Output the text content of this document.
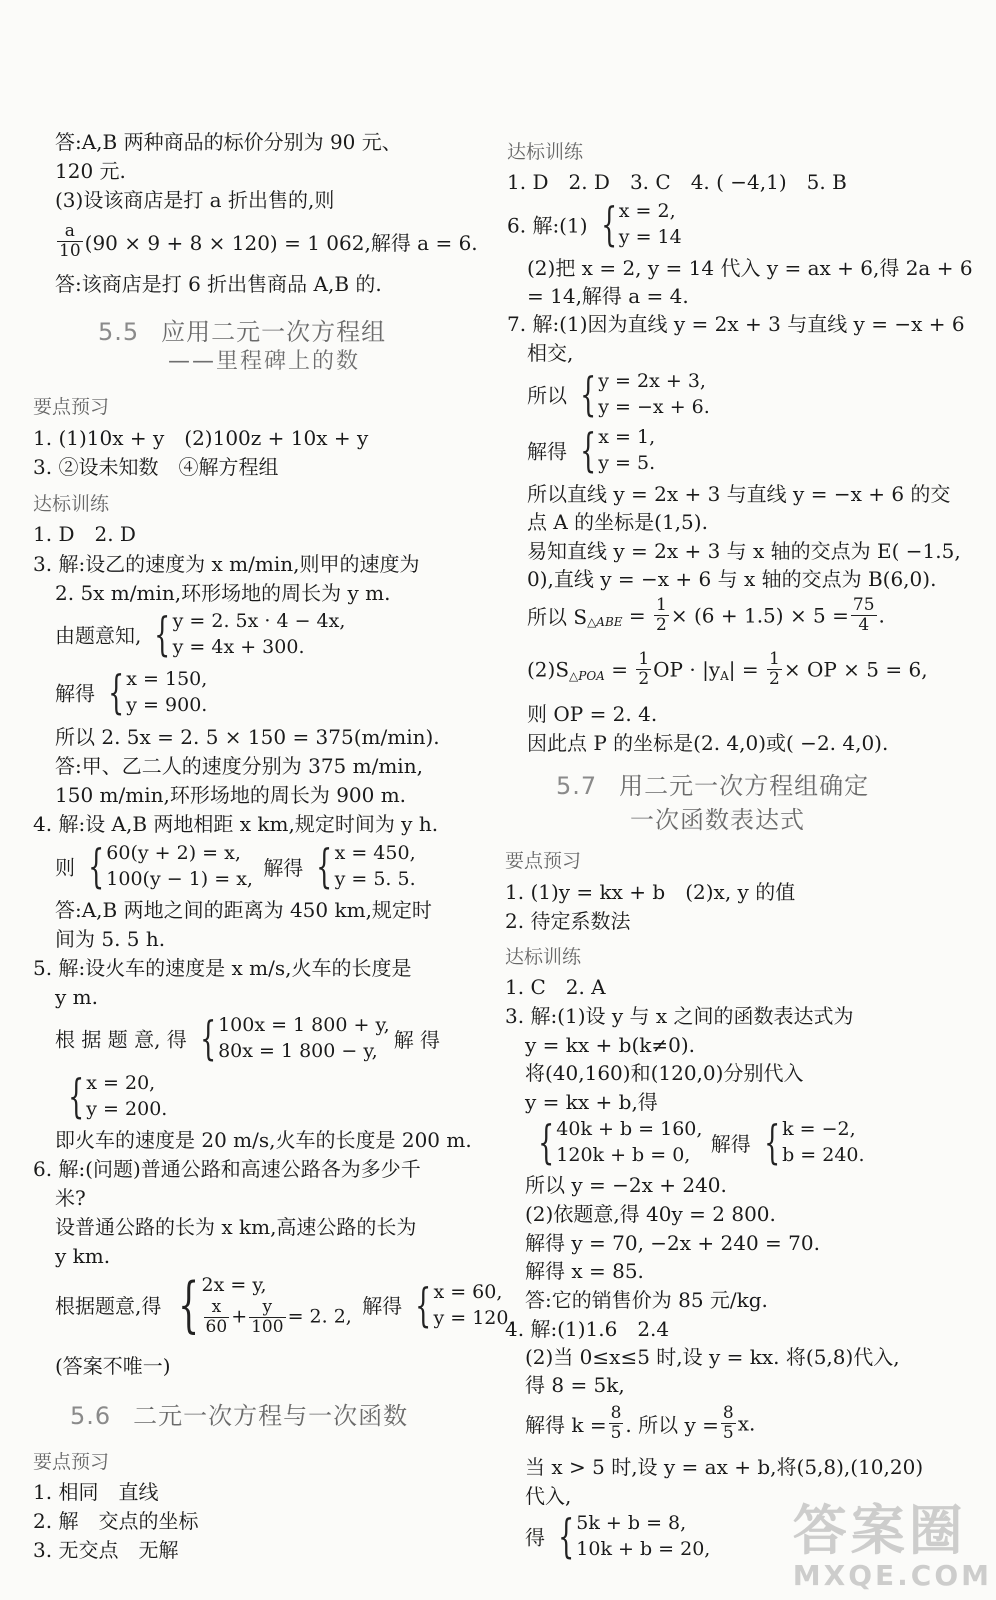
答:A,B 两种商品的标价分别为 90 元、
120 元.
(3)设该商店是打 a 折出售的,则
$\frac{a}{10} (90 \times 9 + 8 \times 120) = 1$ 062,解得 a = 6.
答:该商店是打 6 折出售商品 A,B 的.
5.5 应用二元一次方程组
——里程碑上的数
要点预习
1. (1)10x + y　(2)100z + 10x + y
3. ②设未知数　④解方程组
达标训练
1. D　2. D
3. 解:设乙的速度为 x m/min,则甲的速度为
2. 5x m/min,环形场地的周长为 y m.
由题意知, { y = 2. 5x · 4 − 4x,
y = 4x + 300.
解得 { x = 150,
y = 900.
所以 2. 5x = 2. 5 × 150 = 375(m/min).
答:甲、乙二人的速度分别为 375 m/min,
150 m/min,环形场地的周长为 900 m.
4. 解:设 A,B 两地相距 x km,规定时间为 y h.
则 { 60(y + 2) = x,
100(y − 1) = x, 解得 { x = 450,
y = 5. 5.
答:A,B 两地之间的距离为 450 km,规定时
间为 5. 5 h.
5. 解:设火车的速度是 x m/s,火车的长度是
y m.
根 据 题 意, 得 { 100x = 1 800 + y,
80x = 1 800 − y, 解 得
{ x = 20,
y = 200.
即火车的速度是 20 m/s,火车的长度是 200 m.
6. 解:(问题)普通公路和高速公路各为多少千
米?
设普通公路的长为 x km,高速公路的长为
y km.
根据题意,得 { 2x = y,
$\frac{x}{60} + \frac{y}{100} = 2$. 2, 解得 { x = 60,
y = 120.
(答案不唯一)
5.6 二元一次方程与一次函数
要点预习
1. 相同　直线
2. 解　交点的坐标
3. 无交点　无解
达标训练
1. D　2. D　3. C　4. ( −4,1)　5. B
6. 解:(1) { x = 2,
y = 14
(2)把 x = 2, y = 14 代入 y = ax + 6,得 2a + 6
= 14,解得 a = 4.
7. 解:(1)因为直线 y = 2x + 3 与直线 y = −x + 6
相交,
所以 { y = 2x + 3,
y = −x + 6.
解得 { x = 1,
y = 5.
所以直线 y = 2x + 3 与直线 y = −x + 6 的交
点 A 的坐标是(1,5).
易知直线 y = 2x + 3 与 x 轴的交点为 E( −1.5,
0),直线 y = −x + 6 与 x 轴的交点为 B(6,0).
所以 $S_{\triangle ABE} = \frac{1}{2} \times (6 + 1.5) \times 5 = \frac{75}{4}$ .
$(2)S_{\triangle POA} = \frac{1}{2}$ OP · $|y_A| = \frac{1}{2}$ × OP × 5 = 6,
则 OP = 2. 4.
因此点 P 的坐标是(2. 4,0)或( −2. 4,0).
5.7 用二元一次方程组确定
一次函数表达式
要点预习
1. (1)y = kx + b　(2)x, y 的值
2. 待定系数法
达标训练
1. C　2. A
3. 解:(1)设 y 与 x 之间的函数表达式为
y = kx + b(k≠0).
将(40,160)和(120,0)分别代入
y = kx + b,得
{ 40k + b = 160,
120k + b = 0,	解得 { k = −2,
b = 240.
所以 y = −2x + 240.
(2)依题意,得 40y = 2 800.
解得 y = 70, −2x + 240 = 70.
解得 x = 85.
答:它的销售价为 85 元/kg.
4. 解:(1)1.6　2.4
(2)当 0≤x≤5 时,设 y = kx. 将(5,8)代入,
得 8 = 5k,
解得 $k = \frac{8}{5}$ . 所以 $y = \frac{8}{5} x$.
当 x > 5 时,设 y = ax + b,将(5,8),(10,20)
代入,
得 { 5k + b = 8,
10k + b = 20, 答案圈
MXQE.COM
